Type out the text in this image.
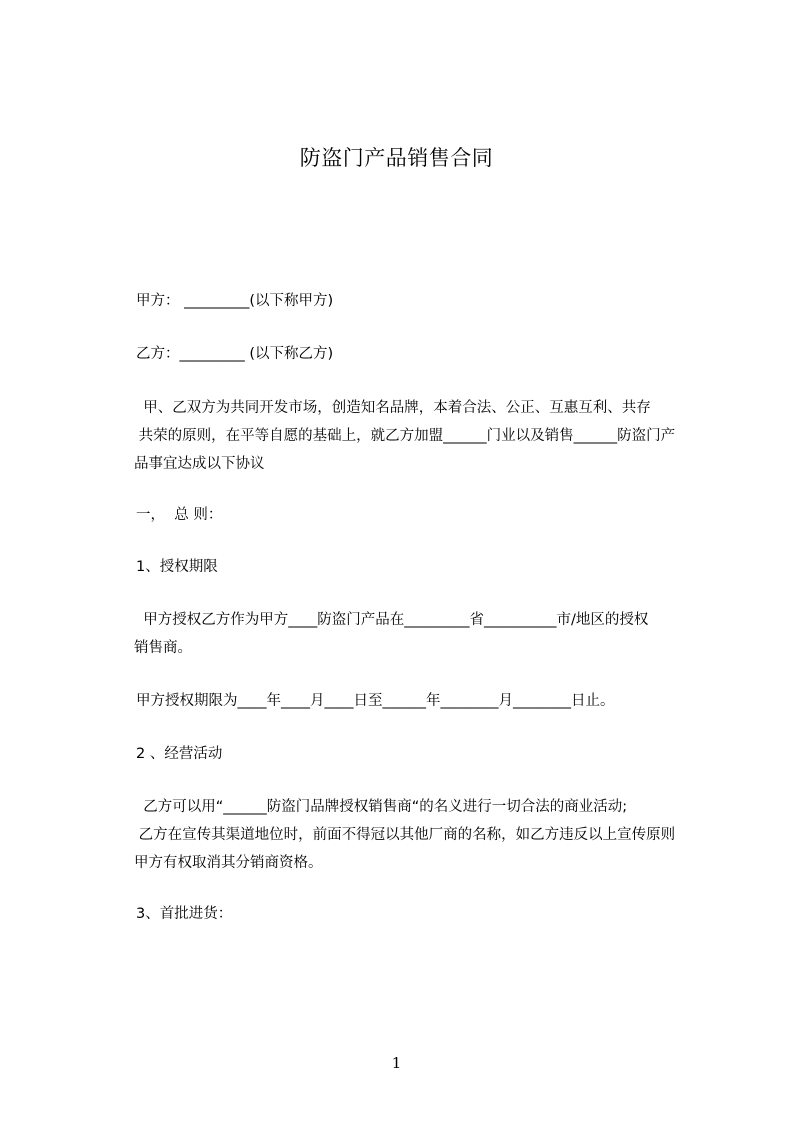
防盗门产品销售合同
甲方： _________(以下称甲方)
乙方：_________ (以下称乙方)
甲、乙双方为共同开发市场，创造知名品牌，本着合法、公正、互惠互利、共存
共荣的原则，在平等自愿的基础上，就乙方加盟______门业以及销售______防盗门产
品事宜达成以下协议
一，  总 则：
1、授权期限
甲方授权乙方作为甲方____防盗门产品在_________省__________市/地区的授权
销售商。
甲方授权期限为____年____月____日至______年________月________日止。
2 、经营活动
乙方可以用“______防盗门品牌授权销售商“的名义进行一切合法的商业活动;
乙方在宣传其渠道地位时，前面不得冠以其他厂商的名称，如乙方违反以上宣传原则
甲方有权取消其分销商资格。
3、首批进货：
1
